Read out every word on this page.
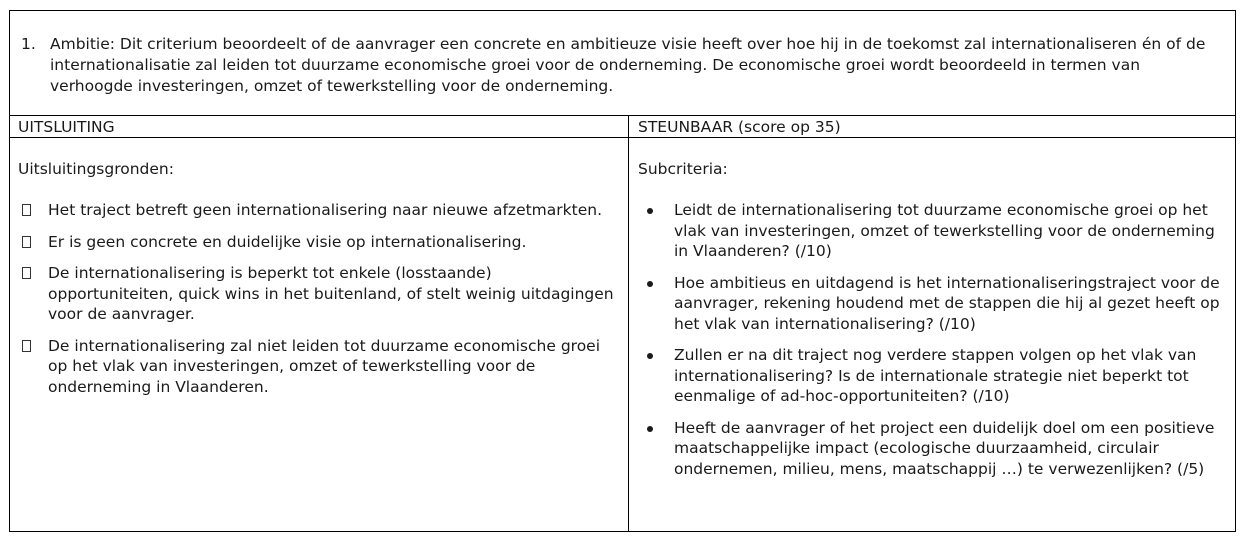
1. Ambitie: Dit criterium beoordeelt of de aanvrager een concrete en ambitieuze visie heeft over hoe hij in de toekomst zal internationaliseren én of de internationalisatie zal leiden tot duurzame economische groei voor de onderneming. De economische groei wordt beoordeeld in termen van verhoogde investeringen, omzet of tewerkstelling voor de onderneming.
UITSLUITING	STEUNBAAR (score op 35)
Uitsluitingsgronden:
Het traject betreft geen internationalisering naar nieuwe afzetmarkten.
Er is geen concrete en duidelijke visie op internationalisering.
De internationalisering is beperkt tot enkele (losstaande) opportuniteiten, quick wins in het buitenland, of stelt weinig uitdagingen voor de aanvrager.
De internationalisering zal niet leiden tot duurzame economische groei op het vlak van investeringen, omzet of tewerkstelling voor de onderneming in Vlaanderen.
Subcriteria:
Leidt de internationalisering tot duurzame economische groei op het vlak van investeringen, omzet of tewerkstelling voor de onderneming in Vlaanderen? (/10)
Hoe ambitieus en uitdagend is het internationaliseringstraject voor de aanvrager, rekening houdend met de stappen die hij al gezet heeft op het vlak van internationalisering? (/10)
Zullen er na dit traject nog verdere stappen volgen op het vlak van internationalisering? Is de internationale strategie niet beperkt tot eenmalige of ad-hoc-opportuniteiten? (/10)
Heeft de aanvrager of het project een duidelijk doel om een positieve maatschappelijke impact (ecologische duurzaamheid, circulair ondernemen, milieu, mens, maatschappij …) te verwezenlijken? (/5)
